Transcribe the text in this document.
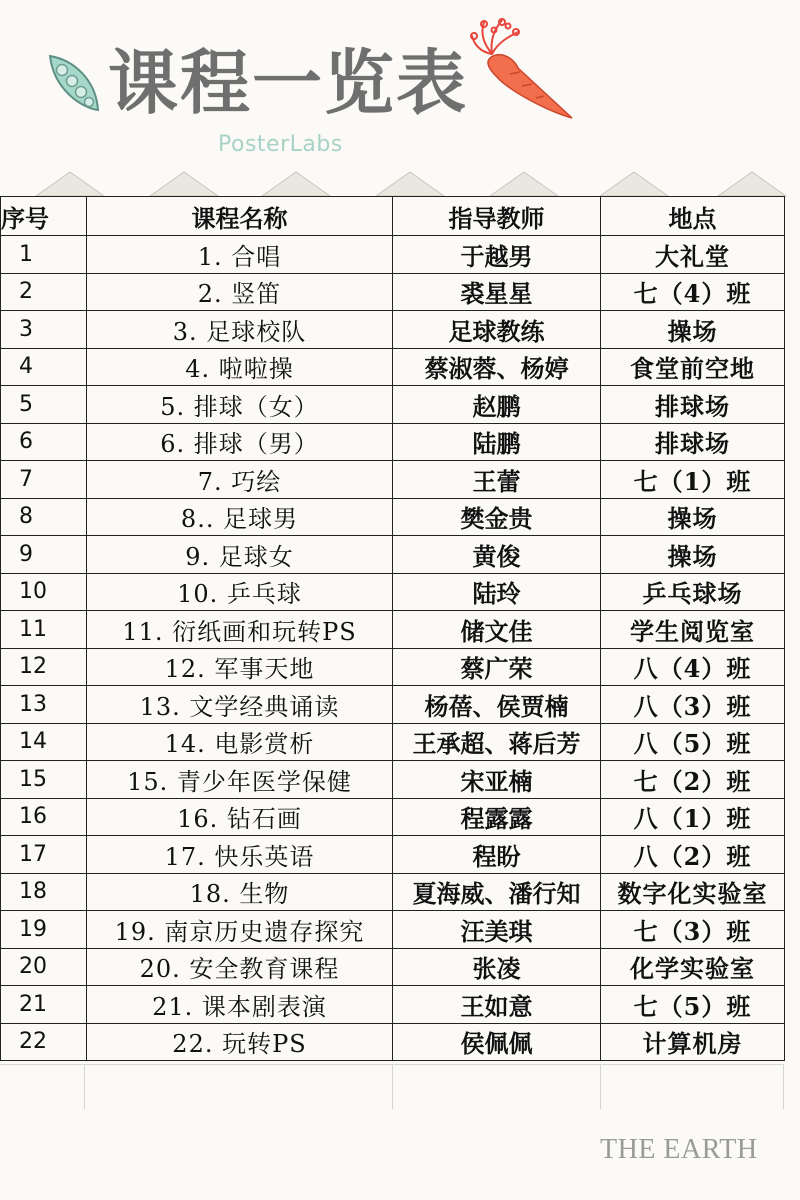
课程一览表
PosterLabs
序号	课程名称	指导教师	地点
1	1. 合唱	于越男	大礼堂
2	2. 竖笛	裘星星	七（4）班
3	3. 足球校队	足球教练	操场
4	4. 啦啦操	蔡淑蓉、杨婷	食堂前空地
5	5. 排球（女）	赵鹏	排球场
6	6. 排球（男）	陆鹏	排球场
7	7. 巧绘	王蕾	七（1）班
8	8.. 足球男	樊金贵	操场
9	9. 足球女	黄俊	操场
10	10. 乒乓球	陆玲	乒乓球场
11	11. 衍纸画和玩转PS	储文佳	学生阅览室
12	12. 军事天地	蔡广荣	八（4）班
13	13. 文学经典诵读	杨蓓、侯贾楠	八（3）班
14	14. 电影赏析	王承超、蒋后芳	八（5）班
15	15. 青少年医学保健	宋亚楠	七（2）班
16	16. 钻石画	程露露	八（1）班
17	17. 快乐英语	程盼	八（2）班
18	18. 生物	夏海威、潘行知	数字化实验室
19	19. 南京历史遗存探究	汪美琪	七（3）班
20	20. 安全教育课程	张凌	化学实验室
21	21. 课本剧表演	王如意	七（5）班
22	22. 玩转PS	侯佩佩	计算机房
THE EARTH
